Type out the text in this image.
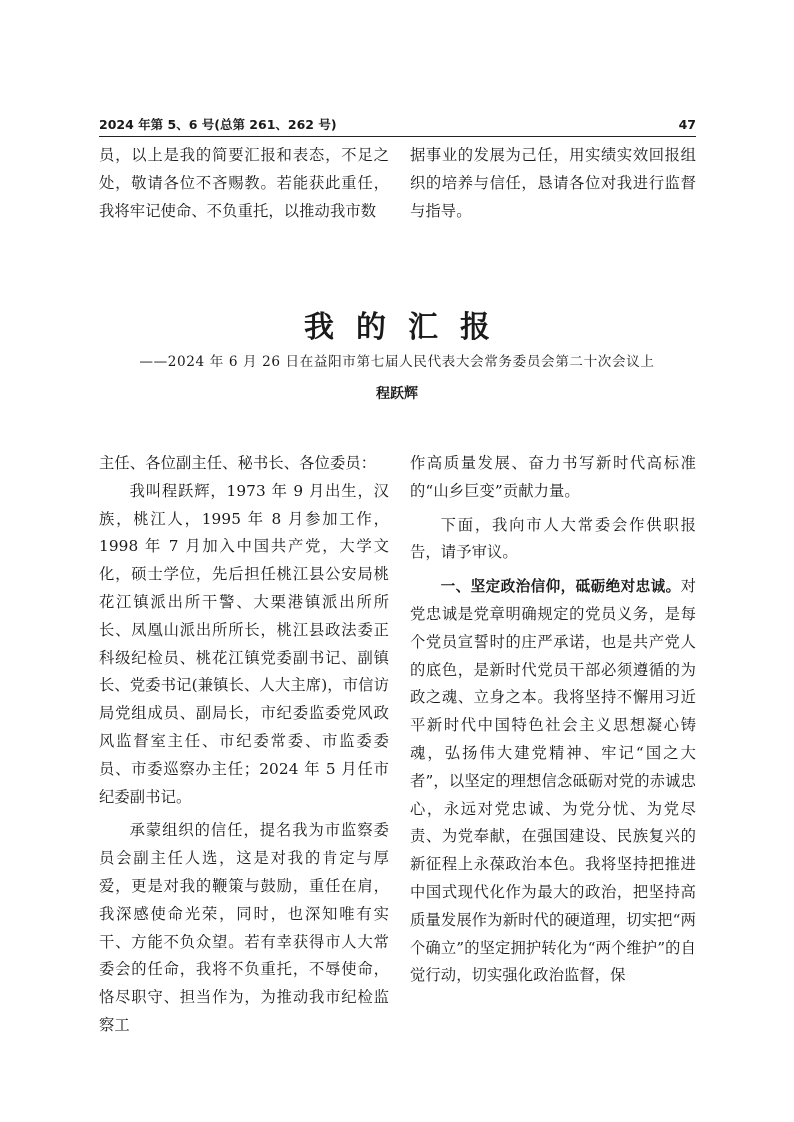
2024 年第 5、6 号(总第 261、262 号)	47

员，以上是我的简要汇报和表态，不足之处，敬请各位不吝赐教。若能获此重任，我将牢记使命、不负重托，以推动我市数

据事业的发展为己任，用实绩实效回报组织的培养与信任，恳请各位对我进行监督与指导。

我的汇报
——2024 年 6 月 26 日在益阳市第七届人民代表大会常务委员会第二十次会议上
程跃辉

主任、各位副主任、秘书长、各位委员：

我叫程跃辉，1973 年 9 月出生，汉族，桃江人，1995 年 8 月参加工作，1998 年 7 月加入中国共产党，大学文化，硕士学位，先后担任桃江县公安局桃花江镇派出所干警、大栗港镇派出所所长、凤凰山派出所所长，桃江县政法委正科级纪检员、桃花江镇党委副书记、副镇长、党委书记(兼镇长、人大主席)，市信访局党组成员、副局长，市纪委监委党风政风监督室主任、市纪委常委、市监委委员、市委巡察办主任；2024 年 5 月任市纪委副书记。

承蒙组织的信任，提名我为市监察委员会副主任人选，这是对我的肯定与厚爱，更是对我的鞭策与鼓励，重任在肩，我深感使命光荣，同时，也深知唯有实干、方能不负众望。若有幸获得市人大常委会的任命，我将不负重托，不辱使命，恪尽职守、担当作为，为推动我市纪检监察工

作高质量发展、奋力书写新时代高标准的“山乡巨变”贡献力量。

下面，我向市人大常委会作供职报告，请予审议。

一、坚定政治信仰，砥砺绝对忠诚。对党忠诚是党章明确规定的党员义务，是每个党员宣誓时的庄严承诺，也是共产党人的底色，是新时代党员干部必须遵循的为政之魂、立身之本。我将坚持不懈用习近平新时代中国特色社会主义思想凝心铸魂，弘扬伟大建党精神、牢记“国之大者”，以坚定的理想信念砥砺对党的赤诚忠心，永远对党忠诚、为党分忧、为党尽责、为党奉献，在强国建设、民族复兴的新征程上永葆政治本色。我将坚持把推进中国式现代化作为最大的政治，把坚持高质量发展作为新时代的硬道理，切实把“两个确立”的坚定拥护转化为“两个维护”的自觉行动，切实强化政治监督，保
